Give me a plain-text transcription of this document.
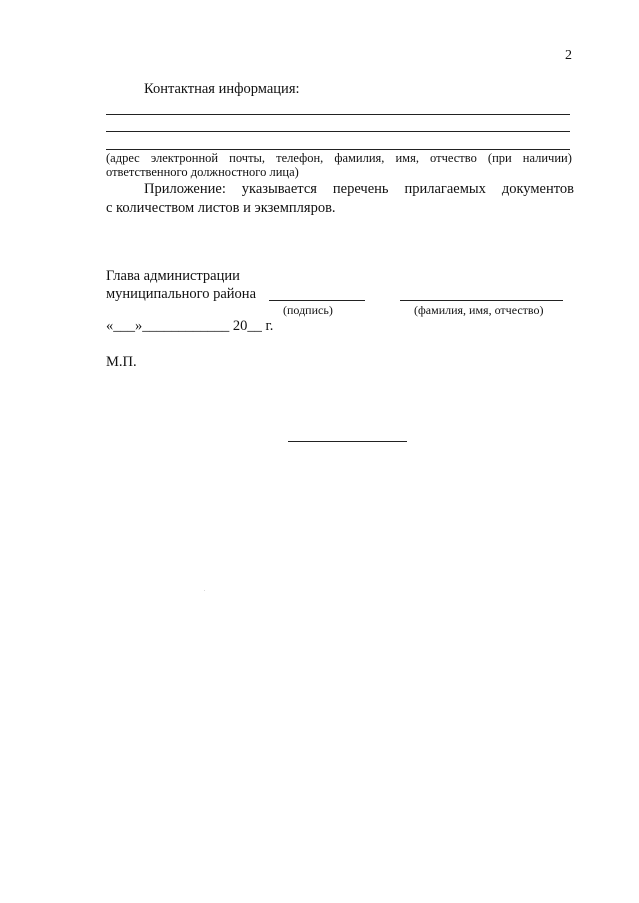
2
Контактная информация:
(адрес электронной почты, телефон, фамилия, имя, отчество (при наличии)
ответственного должностного лица)
Приложение: указывается перечень прилагаемых документов
с количеством листов и экземпляров.
Глава администрации
муниципального района
(подпись)	(фамилия, имя, отчество)
«___»____________ 20__ г.
М.П.
